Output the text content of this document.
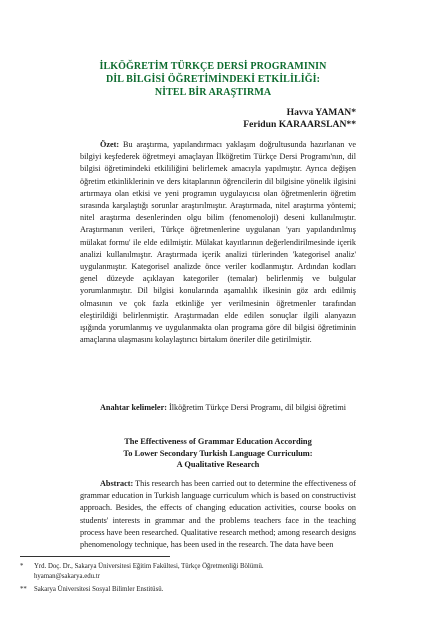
İLKÖĞRETİM TÜRKÇE DERSİ PROGRAMININ
DİL BİLGİSİ ÖĞRETİMİNDEKİ ETKİLİLİĞİ:
NİTEL BİR ARAŞTIRMA
Havva YAMAN*
Feridun KARAARSLAN**
Özet: Bu araştırma, yapılandırmacı yaklaşım doğrultusunda hazırlanan ve bilgiyi keşfederek öğretmeyi amaçlayan İlköğretim Türkçe Dersi Programı'nın, dil bilgisi öğretimindeki etkililiğini belirlemek amacıyla yapılmıştır. Ayrıca değişen öğretim etkinliklerinin ve ders kitaplarının öğrencilerin dil bilgisine yönelik ilgisini artırmaya olan etkisi ve yeni programın uygulayıcısı olan öğretmenlerin öğretim sırasında karşılaştığı sorunlar araştırılmıştır. Araştırmada, nitel araştırma yöntemi; nitel araştırma desenlerinden olgu bilim (fenomenoloji) deseni kullanılmıştır. Araştırmanın verileri, Türkçe öğretmenlerine uygulanan 'yarı yapılandırılmış mülakat formu' ile elde edilmiştir. Mülakat kayıtlarının değerlendirilmesinde içerik analizi kullanılmıştır. Araştırmada içerik analizi türlerinden 'kategorisel analiz' uygulanmıştır. Kategorisel analizde önce veriler kodlanmıştır. Ardından kodları genel düzeyde açıklayan kategoriler (temalar) belirlenmiş ve bulgular yorumlanmıştır. Dil bilgisi konularında aşamalılık ilkesinin göz ardı edilmiş olmasının ve çok fazla etkinliğe yer verilmesinin öğretmenler tarafından eleştirildiği belirlenmiştir. Araştırmadan elde edilen sonuçlar ilgili alanyazın ışığında yorumlanmış ve uygulanmakta olan programa göre dil bilgisi öğretiminin amaçlarına ulaşmasını kolaylaştırıcı birtakım öneriler dile getirilmiştir.
Anahtar kelimeler: İlköğretim Türkçe Dersi Programı, dil bilgisi öğretimi
The Effectiveness of Grammar Education According
To Lower Secondary Turkish Language Curriculum:
A Qualitative Research
Abstract: This research has been carried out to determine the effectiveness of grammar education in Turkish language curriculum which is based on constructivist approach. Besides, the effects of changing education activities, course books on students' interests in grammar and the problems teachers face in the teaching process have been researched. Qualitative research method; among research designs phenomenology technique, has been used in the research. The data have been
* Yrd. Doç. Dr., Sakarya Üniversitesi Eğitim Fakültesi, Türkçe Öğretmenliği Bölümü.
hyaman@sakarya.edu.tr
** Sakarya Üniversitesi Sosyal Bilimler Enstitüsü.
